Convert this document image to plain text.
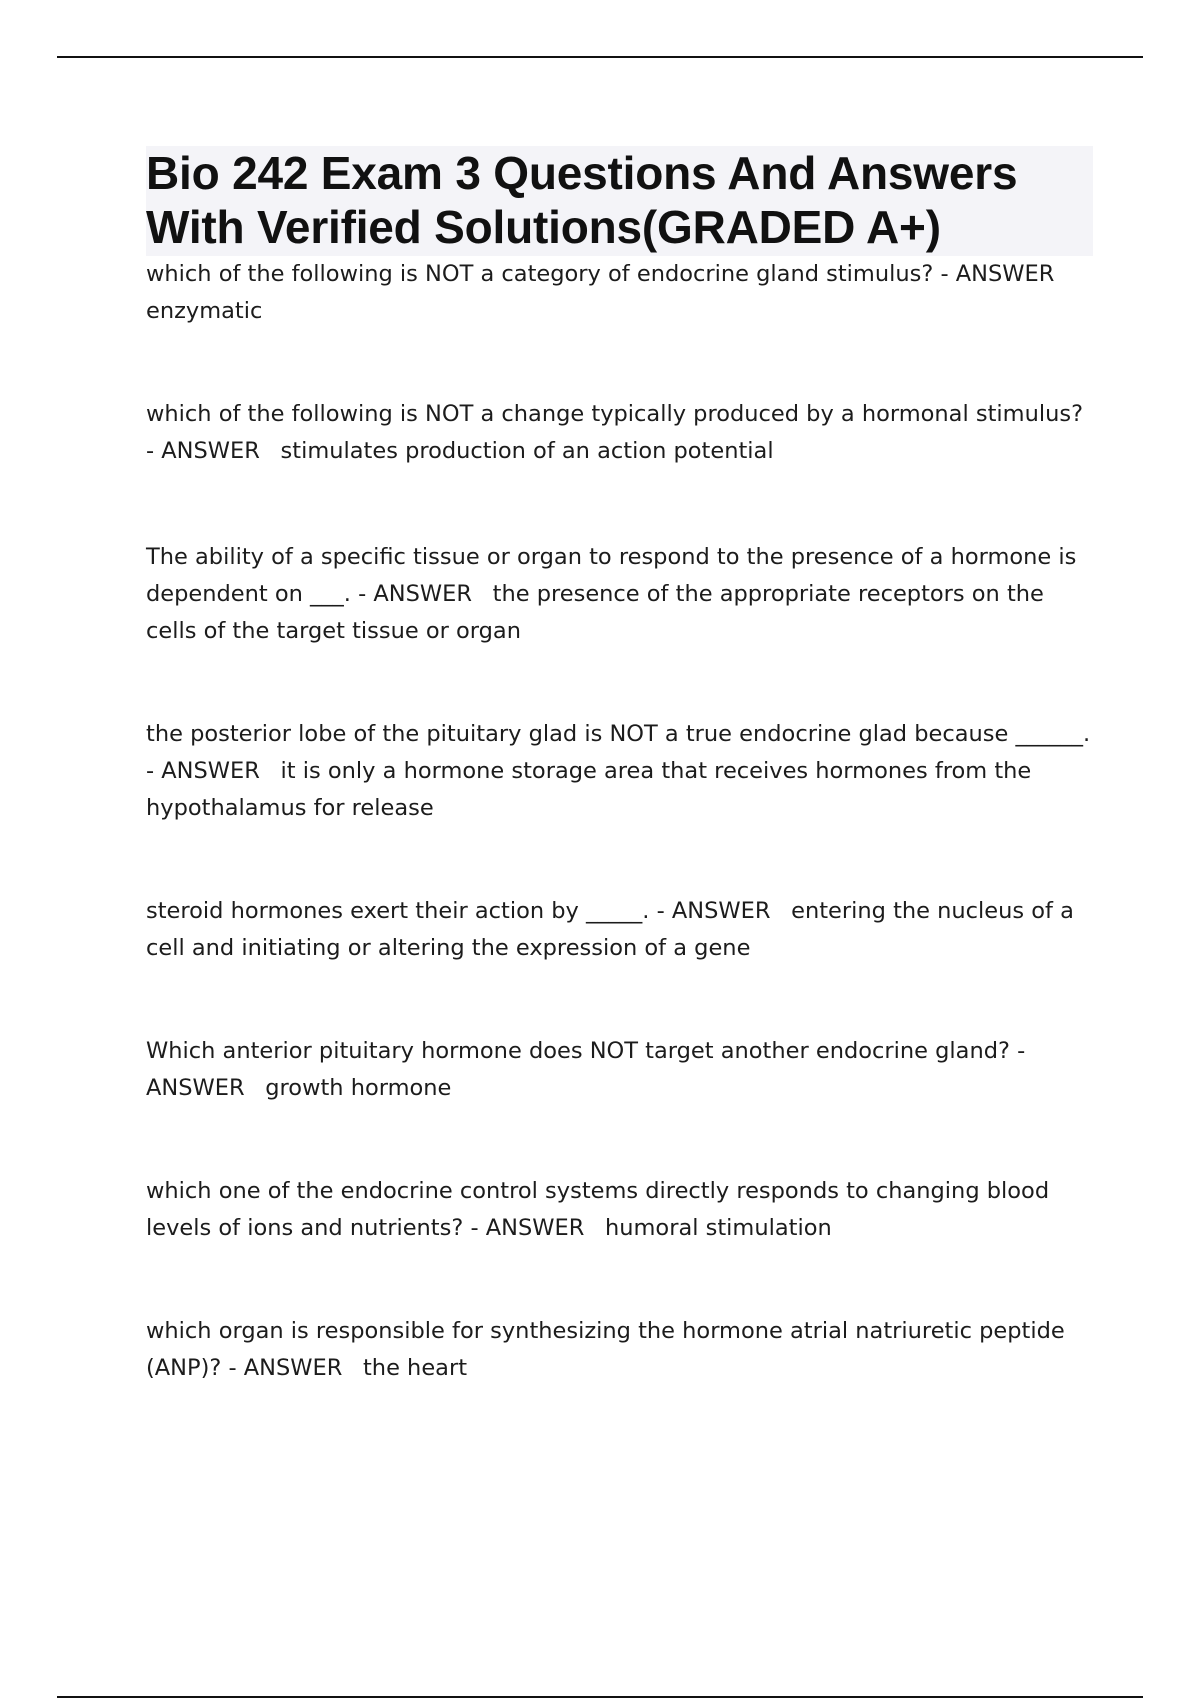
Bio 242 Exam 3 Questions And Answers With Verified Solutions(GRADED A+)

which of the following is NOT a category of endocrine gland stimulus? - ANSWER enzymatic

which of the following is NOT a change typically produced by a hormonal stimulus? - ANSWER stimulates production of an action potential

The ability of a specific tissue or organ to respond to the presence of a hormone is dependent on ___. - ANSWER the presence of the appropriate receptors on the cells of the target tissue or organ

the posterior lobe of the pituitary glad is NOT a true endocrine glad because ______. - ANSWER it is only a hormone storage area that receives hormones from the hypothalamus for release

steroid hormones exert their action by _____. - ANSWER entering the nucleus of a cell and initiating or altering the expression of a gene

Which anterior pituitary hormone does NOT target another endocrine gland? - ANSWER growth hormone

which one of the endocrine control systems directly responds to changing blood levels of ions and nutrients? - ANSWER humoral stimulation

which organ is responsible for synthesizing the hormone atrial natriuretic peptide (ANP)? - ANSWER the heart
